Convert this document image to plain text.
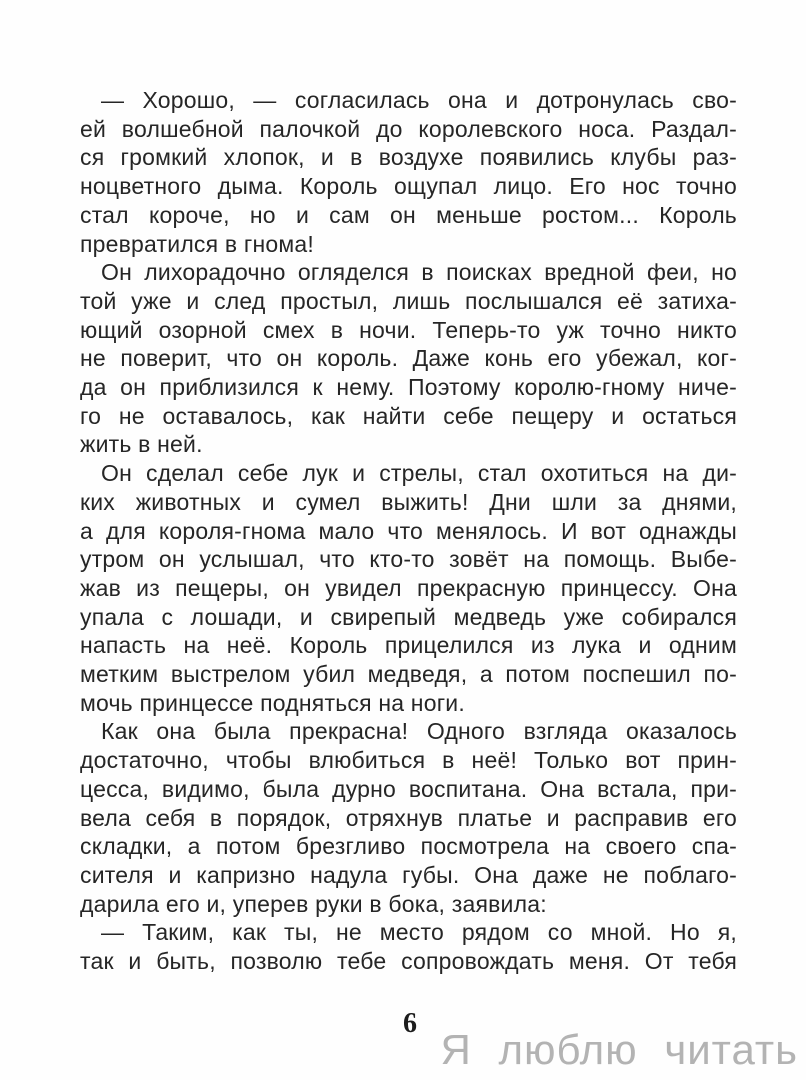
— Хорошо, — согласилась она и дотронулась сво-
ей волшебной палочкой до королевского носа. Раздал-
ся громкий хлопок, и в воздухе появились клубы раз-
ноцветного дыма. Король ощупал лицо. Его нос точно
стал короче, но и сам он меньше ростом... Король
превратился в гнома!
Он лихорадочно огляделся в поисках вредной феи, но
той уже и след простыл, лишь послышался её затиха-
ющий озорной смех в ночи. Теперь-то уж точно никто
не поверит, что он король. Даже конь его убежал, ког-
да он приблизился к нему. Поэтому королю-гному ниче-
го не оставалось, как найти себе пещеру и остаться
жить в ней.
Он сделал себе лук и стрелы, стал охотиться на ди-
ких животных и сумел выжить! Дни шли за днями,
а для короля-гнома мало что менялось. И вот однажды
утром он услышал, что кто-то зовёт на помощь. Выбе-
жав из пещеры, он увидел прекрасную принцессу. Она
упала с лошади, и свирепый медведь уже собирался
напасть на неё. Король прицелился из лука и одним
метким выстрелом убил медведя, а потом поспешил по-
мочь принцессе подняться на ноги.
Как она была прекрасна! Одного взгляда оказалось
достаточно, чтобы влюбиться в неё! Только вот прин-
цесса, видимо, была дурно воспитана. Она встала, при-
вела себя в порядок, отряхнув платье и расправив его
складки, а потом брезгливо посмотрела на своего спа-
сителя и капризно надула губы. Она даже не поблаго-
дарила его и, уперев руки в бока, заявила:
— Таким, как ты, не место рядом со мной. Но я,
так и быть, позволю тебе сопровождать меня. От тебя
6
Я люблю читать
